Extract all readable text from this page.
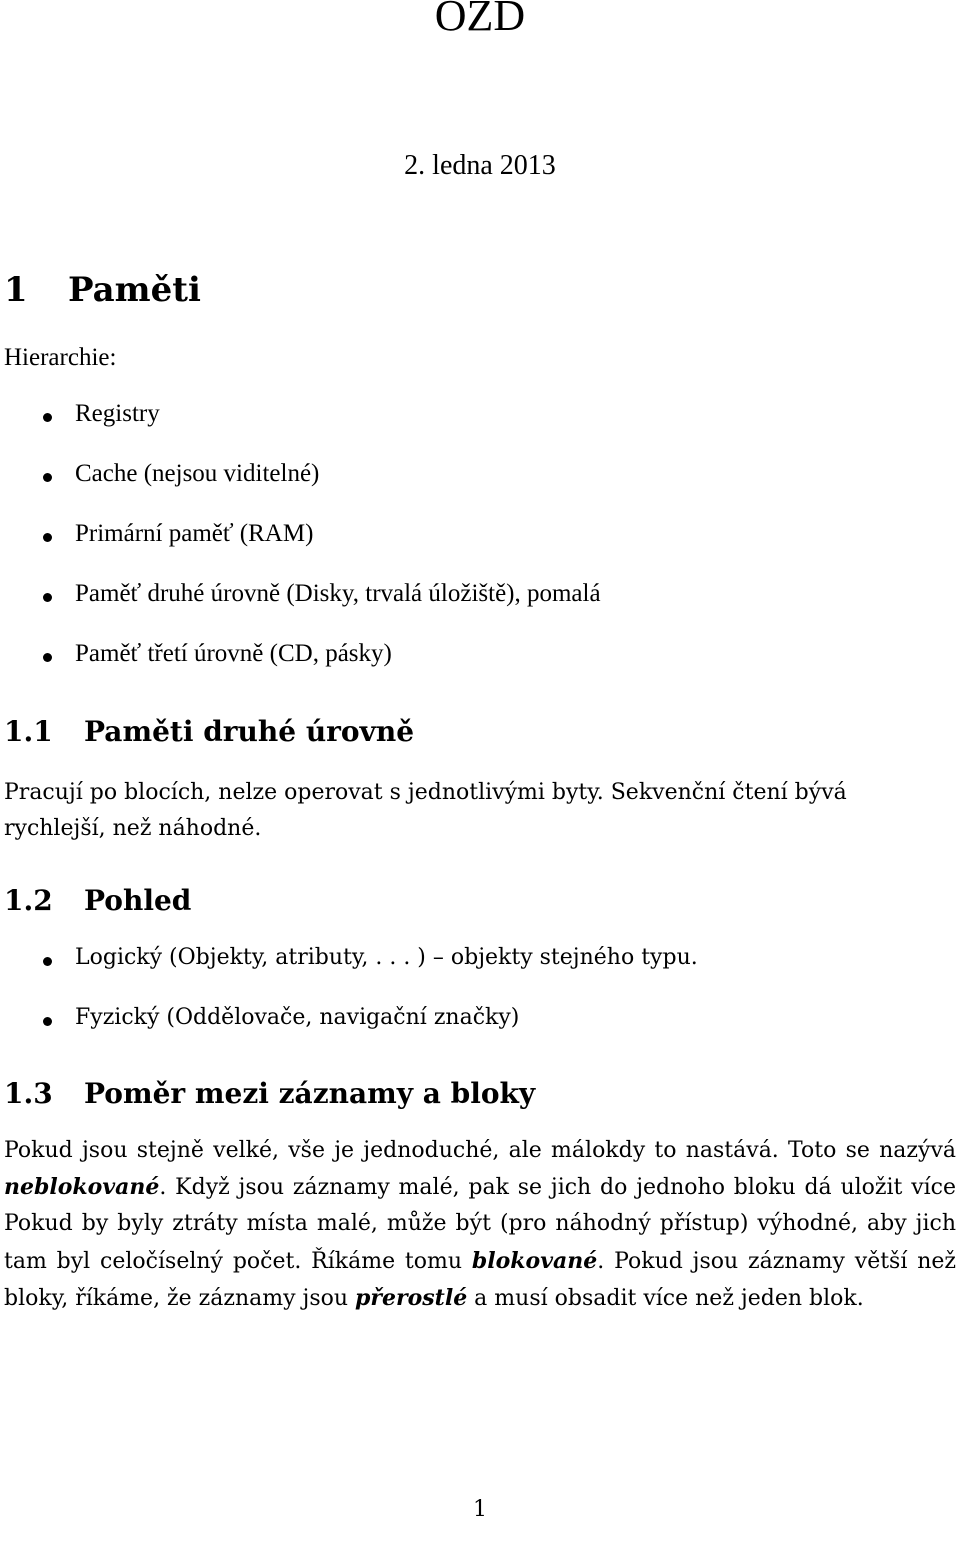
OZD
2. ledna 2013
1 Paměti
Hierarchie:
Registry
Cache (nejsou viditelné)
Primární paměť (RAM)
Paměť druhé úrovně (Disky, trvalá úložiště), pomalá
Paměť třetí úrovně (CD, pásky)
1.1 Paměti druhé úrovně
Pracují po blocích, nelze operovat s jednotlivými byty. Sekvenční čtení bývá
rychlejší, než náhodné.
1.2 Pohled
Logický (Objekty, atributy, . . . ) – objekty stejného typu.
Fyzický (Oddělovače, navigační značky)
1.3 Poměr mezi záznamy a bloky
Pokud jsou stejně velké, vše je jednoduché, ale málokdy to nastává. Toto se nazývá neblokované. Když jsou záznamy malé, pak se jich do jednoho bloku dá uložit více Pokud by byly ztráty místa malé, může být (pro náhodný přístup) výhodné, aby jich tam byl celočíselný počet. Říkáme tomu blokované. Pokud jsou záznamy větší než bloky, říkáme, že záznamy jsou přerostlé a musí obsadit více než jeden blok.
1
